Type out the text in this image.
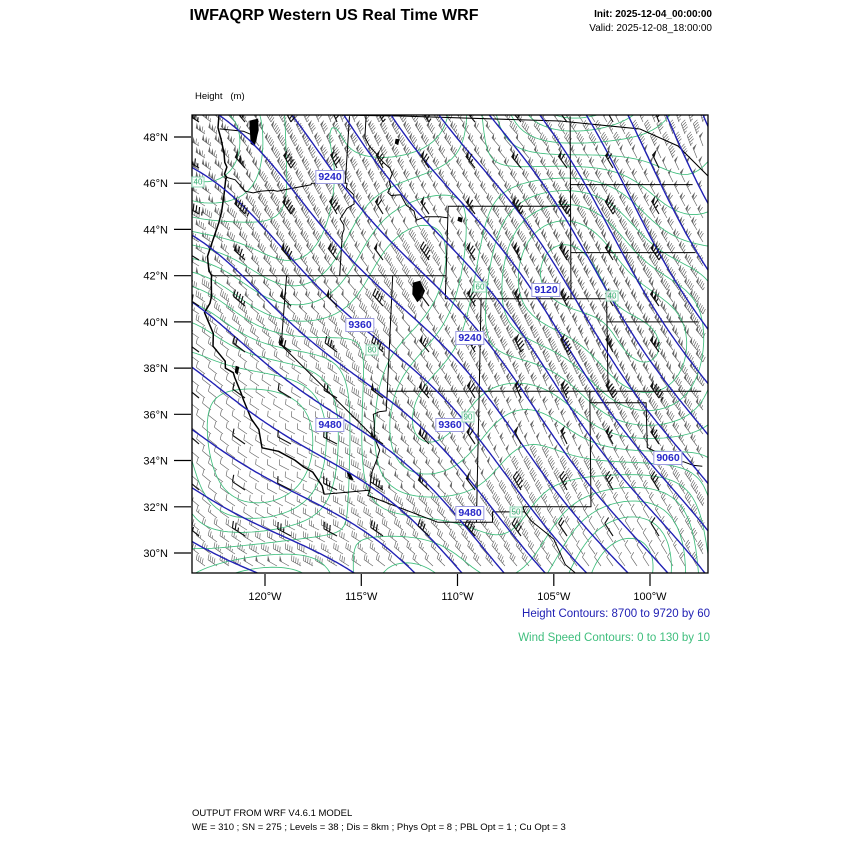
IWFAQRP Western US Real Time WRF	Init: 2025-12-04_00:00:00
Valid: 2025-12-08_18:00:00

Height   (m)

48°N
46°N
44°N
42°N
40°N
38°N
36°N
34°N
32°N
30°N
120°W	115°W	110°W	105°W	100°W
9240
9120
9360
9240
9480	9360
9060
9480
90
50
80
40
60
40
Height Contours: 8700 to 9720 by 60
Wind Speed Contours: 0 to 130 by 10
OUTPUT FROM WRF V4.6.1 MODEL
WE = 310 ; SN = 275 ; Levels = 38 ; Dis = 8km ; Phys Opt = 8 ; PBL Opt = 1 ; Cu Opt = 3
